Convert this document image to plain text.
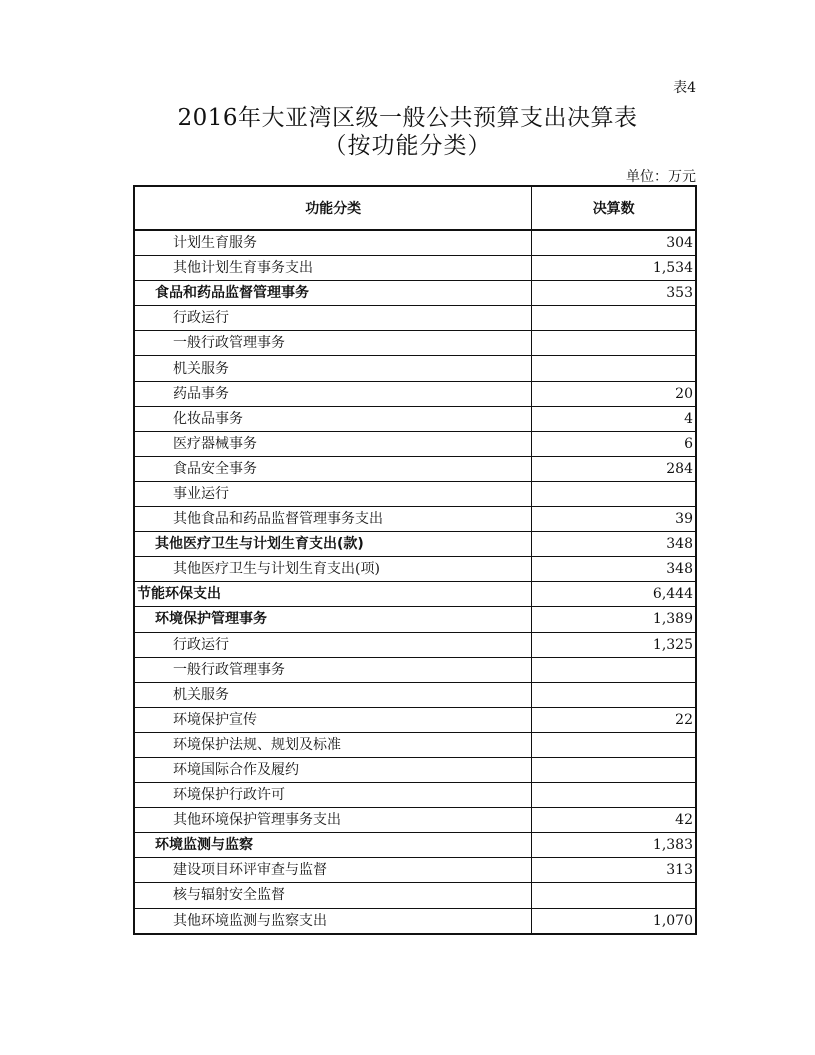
表4
2016年大亚湾区级一般公共预算支出决算表
（按功能分类）
单位：万元
功能分类	决算数
计划生育服务	304
其他计划生育事务支出	1,534
食品和药品监督管理事务	353
行政运行	
一般行政管理事务	
机关服务	
药品事务	20
化妆品事务	4
医疗器械事务	6
食品安全事务	284
事业运行	
其他食品和药品监督管理事务支出	39
其他医疗卫生与计划生育支出(款)	348
其他医疗卫生与计划生育支出(项)	348
节能环保支出	6,444
环境保护管理事务	1,389
行政运行	1,325
一般行政管理事务	
机关服务	
环境保护宣传	22
环境保护法规、规划及标准	
环境国际合作及履约	
环境保护行政许可	
其他环境保护管理事务支出	42
环境监测与监察	1,383
建设项目环评审查与监督	313
核与辐射安全监督	
其他环境监测与监察支出	1,070
